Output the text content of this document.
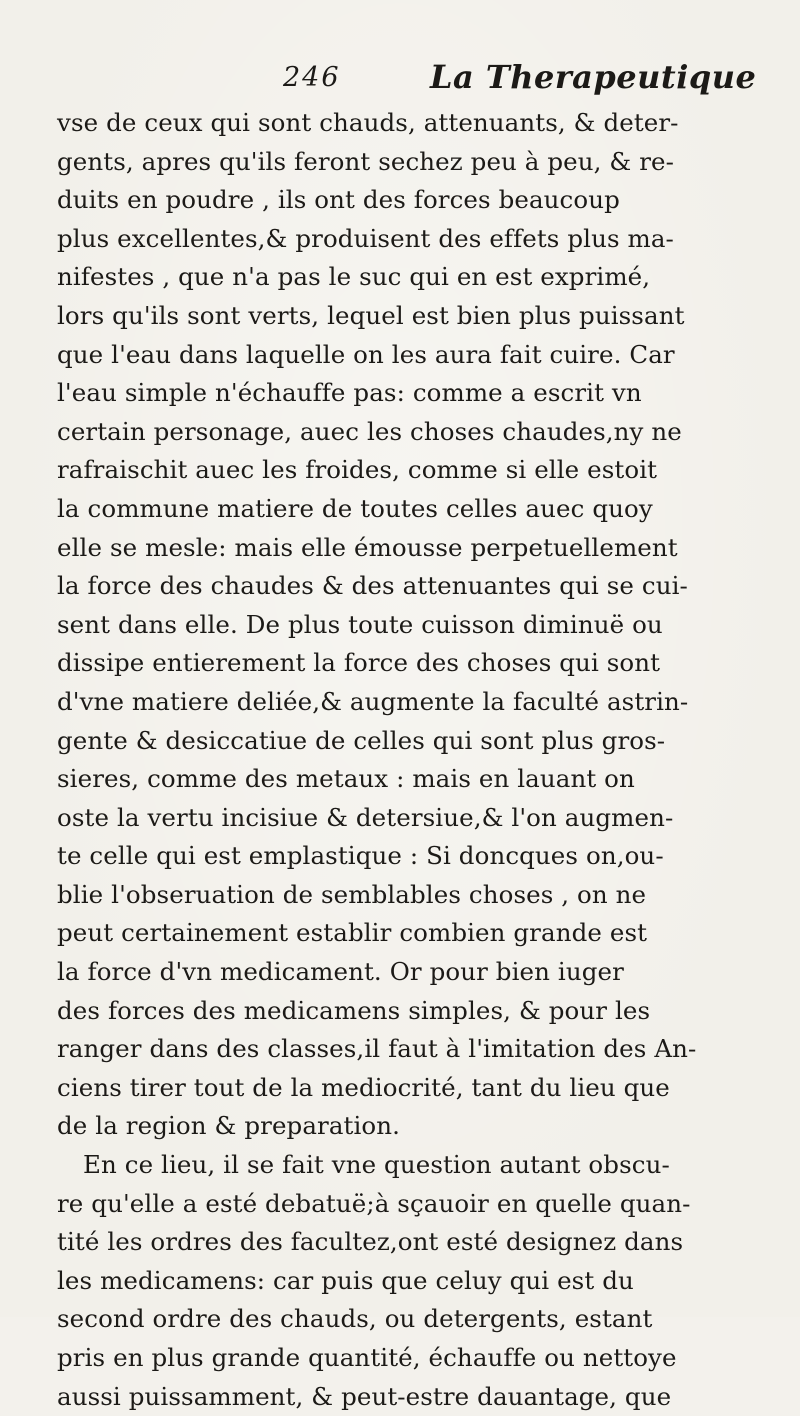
246	La Therapeutique
vse de ceux qui sont chauds, attenuants, & deter-
gents, apres qu'ils feront sechez peu à peu, & re-
duits en poudre , ils ont des forces beaucoup
plus excellentes,& produisent des effets plus ma-
nifestes , que n'a pas le suc qui en est exprimé,
lors qu'ils sont verts, lequel est bien plus puissant
que l'eau dans laquelle on les aura fait cuire. Car
l'eau simple n'échauffe pas: comme a escrit vn
certain personage, auec les choses chaudes,ny ne
rafraischit auec les froides, comme si elle estoit
la commune matiere de toutes celles auec quoy
elle se mesle: mais elle émousse perpetuellement
la force des chaudes & des attenuantes qui se cui-
sent dans elle. De plus toute cuisson diminuë ou
dissipe entierement la force des choses qui sont
d'vne matiere deliée,& augmente la faculté astrin-
gente & desiccatiue de celles qui sont plus gros-
sieres, comme des metaux : mais en lauant on
oste la vertu incisiue & detersiue,& l'on augmen-
te celle qui est emplastique : Si doncques on,ou-
blie l'obseruation de semblables choses , on ne
peut certainement establir combien grande est
la force d'vn medicament. Or pour bien iuger
des forces des medicamens simples, & pour les
ranger dans des classes,il faut à l'imitation des An-
ciens tirer tout de la mediocrité, tant du lieu que
de la region & preparation.
En ce lieu, il se fait vne question autant obscu-
re qu'elle a esté debatuë;à sçauoir en quelle quan-
tité les ordres des facultez,ont esté designez dans
les medicamens: car puis que celuy qui est du
second ordre des chauds, ou detergents, estant
pris en plus grande quantité, échauffe ou nettoye
aussi puissamment, & peut-estre dauantage, que
